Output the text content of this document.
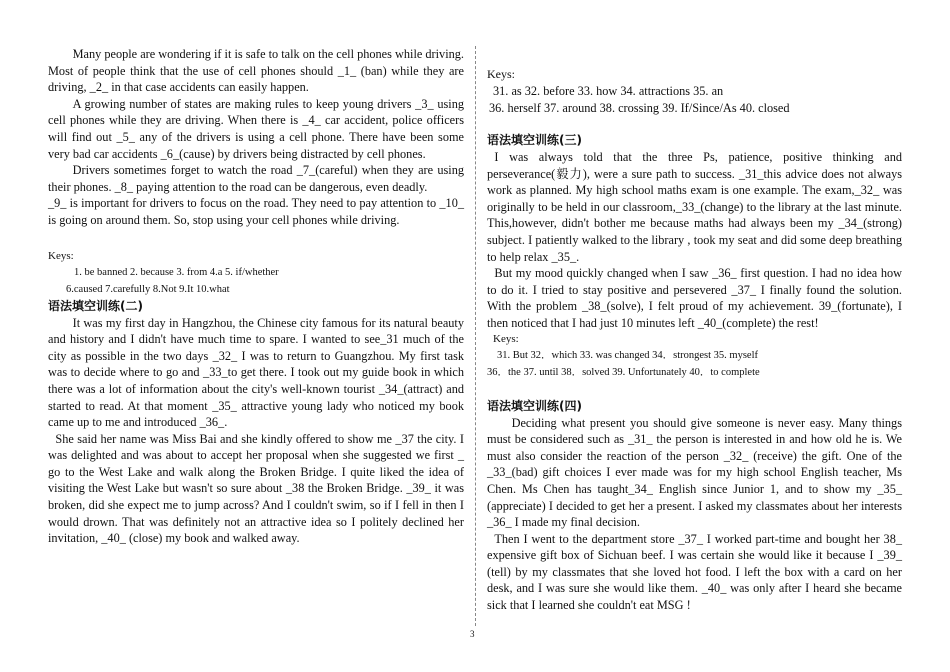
Many people are wondering if it is safe to talk on the cell phones while driving. Most of people think that the use of cell phones should _1_ (ban) while they are driving, _2_ in that case accidents can easily happen.

A growing number of states are making rules to keep young drivers _3_ using cell phones while they are driving. When there is _4_ car accident, police officers will find out _5_ any of the drivers is using a cell phone. There have been some very bad car accidents _6_(cause) by drivers being distracted by cell phones.

Drivers sometimes forget to watch the road _7_(careful) when they are using their phones. _8_ paying attention to the road can be dangerous, even deadly.

_9_ is important for drivers to focus on the road. They need to pay attention to _10_ is going on around them. So, stop using your cell phones while driving.

Keys:

1. be banned 2. because 3. from 4.a 5. if/whether

6.caused 7.carefully 8.Not 9.It 10.what

语法填空训练(二)

It was my first day in Hangzhou, the Chinese city famous for its natural beauty and history and I didn't have much time to spare. I wanted to see_31 much of the city as possible in the two days _32_ I was to return to Guangzhou. My first task was to decide where to go and _33_to get there. I took out my guide book in which there was a lot of information about the city's well-known tourist _34_(attract) and started to read. At that moment _35_ attractive young lady who noticed my book came up to me and introduced _36_.

She said her name was Miss Bai and she kindly offered to show me _37 the city. I was delighted and was about to accept her proposal when she suggested we first _ go to the West Lake and walk along the Broken Bridge. I quite liked the idea of visiting the West Lake but wasn't so sure about _38 the Broken Bridge. _39_ it was broken, did she expect me to jump across? And I couldn't swim, so if I fell in then I would drown. That was definitely not an attractive idea so I politely declined her invitation, _40_ (close) my book and walked away.

Keys:

31. as 32. before 33. how 34. attractions 35. an

36. herself 37. around 38. crossing 39. If/Since/As 40. closed

语法填空训练(三)

I was always told that the three Ps, patience, positive thinking and perseverance(毅力), were a sure path to success. _31_this advice does not always work as planned. My high school maths exam is one example. The exam,_32_ was originally to be held in our classroom,_33_(change) to the library at the last minute. This,however, didn't bother me because maths had always been my _34_(strong) subject. I patiently walked to the library , took my seat and did some deep breathing to help relax _35_.

But my mood quickly changed when I saw _36_ first question. I had no idea how to do it. I tried to stay positive and persevered _37_ I finally found the solution. With the problem _38_(solve), I felt proud of my achievement. 39_(fortunate), I then noticed that I had just 10 minutes left _40_(complete) the rest!

Keys:

31. But 32．which 33. was changed 34．strongest 35. myself

36．the 37. until 38．solved 39. Unfortunately 40．to complete

语法填空训练(四)

Deciding what present you should give someone is never easy. Many things must be considered such as _31_ the person is interested in and how old he is. We must also consider the reaction of the person _32_ (receive) the gift. One of the _33_(bad) gift choices I ever made was for my high school English teacher, Ms Chen. Ms Chen has taught_34_ English since Junior 1, and to show my _35_ (appreciate) I decided to get her a present. I asked my classmates about her interests _36_ I made my final decision.

Then I went to the department store _37_ I worked part-time and bought her 38_ expensive gift box of Sichuan beef. I was certain she would like it because I _39_ (tell) by my classmates that she loved hot food. I left the box with a card on her desk, and I was sure she would like them. _40_ was only after I heard she became sick that I learned she couldn't eat MSG !

3
